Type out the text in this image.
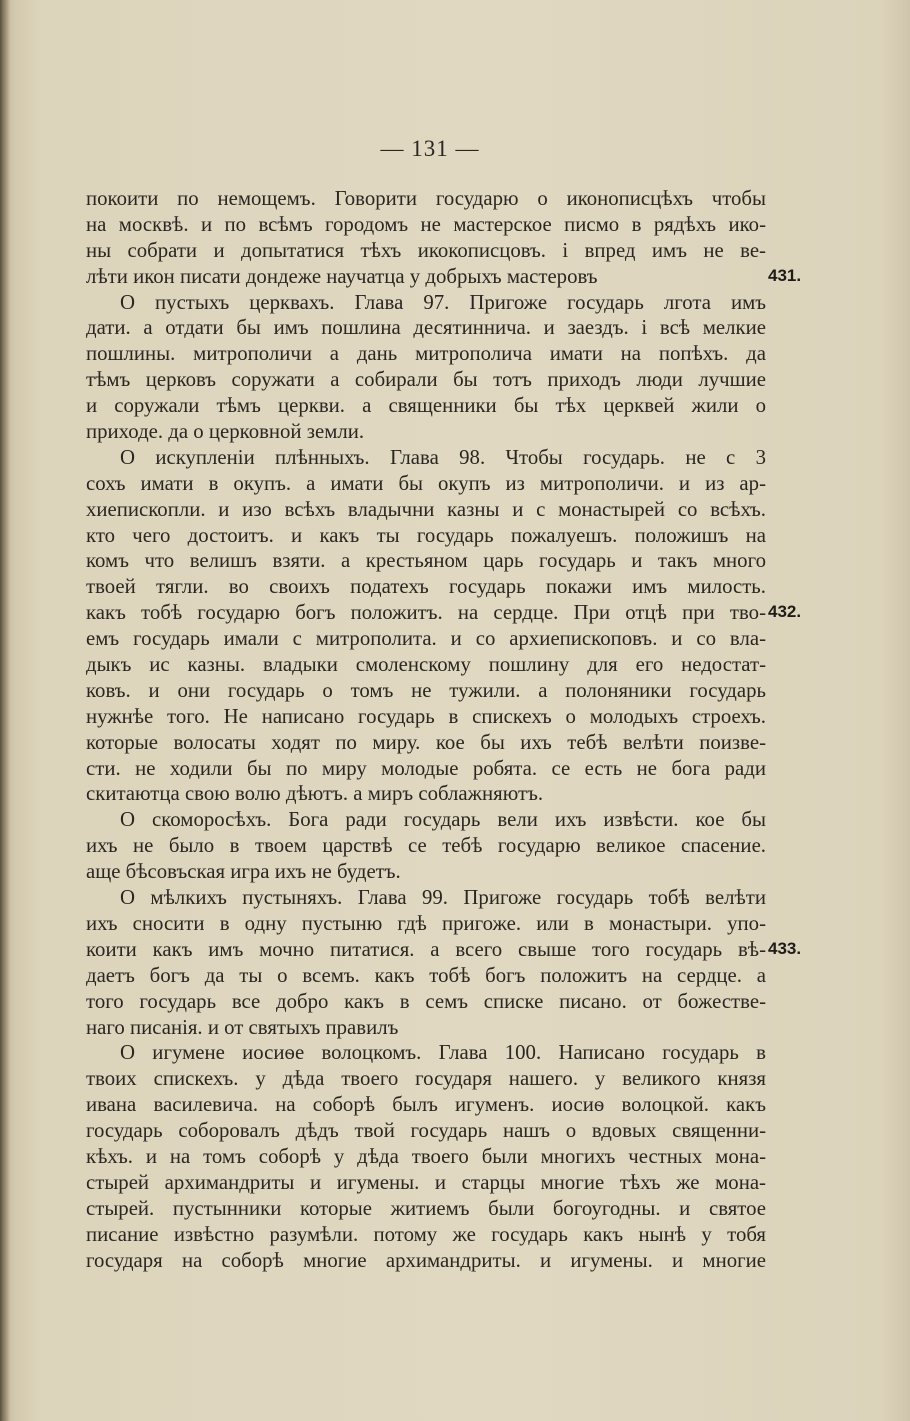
— 131 —
покоити по немощемъ. Говорити государю о иконописцѣхъ чтобы
на москвѣ. и по всѣмъ городомъ не мастерское писмо в рядѣхъ ико-
ны собрати и допытатися тѣхъ икокописцовъ. і впред имъ не ве-
лѣти икон писати дондеже научатца у добрыхъ мастеровъ
О пустыхъ церквахъ. Глава 97. Пригоже государь лгота имъ
дати. а отдати бы имъ пошлина десятиннича. и заездъ. і всѣ мелкие
пошлины. митрополичи а дань митрополича имати на попѣхъ. да
тѣмъ церковъ соружати а собирали бы тотъ приходъ люди лучшие
и соружали тѣмъ церкви. а священники бы тѣх церквей жили о
приходе. да о церковной земли.
О искупленіи плѣнныхъ. Глава 98. Чтобы государь. не с 3
сохъ имати в окупъ. а имати бы окупъ из митрополичи. и из ар-
хиепископли. и изо всѣхъ владычни казны и с монастырей со всѣхъ.
кто чего достоитъ. и какъ ты государь пожалуешъ. положишъ на
комъ что велишъ взяти. а крестьяном царь государь и такъ много
твоей тягли. во своихъ податехъ государь покажи имъ милость.
какъ тобѣ государю богъ положитъ. на сердце. При отцѣ при тво-
емъ государь имали с митрополита. и со архиепископовъ. и со вла-
дыкъ ис казны. владыки смоленскому пошлину для его недостат-
ковъ. и они государь о томъ не тужили. а полоняники государь
нужнѣе того. Не написано государь в спискехъ о молодыхъ строехъ.
которые волосаты ходят по миру. кое бы ихъ тебѣ велѣти поизве-
сти. не ходили бы по миру молодые робята. се есть не бога ради
скитаютца свою волю дѣютъ. а миръ соблажняютъ.
О скоморосѣхъ. Бога ради государь вели ихъ извѣсти. кое бы
ихъ не было в твоем царствѣ се тебѣ государю великое спасение.
аще бѣсовъская игра ихъ не будетъ.
О мѣлкихъ пустыняхъ. Глава 99. Пригоже государь тобѣ велѣти
ихъ сносити в одну пустыню гдѣ пригоже. или в монастыри. упо-
коити какъ имъ мочно питатися. а всего свыше того государь вѣ-
даетъ богъ да ты о всемъ. какъ тобѣ богъ положитъ на сердце. а
того государь все добро какъ в семъ списке писано. от божестве-
наго писанія. и от святыхъ правилъ
О игумене иосиѳе волоцкомъ. Глава 100. Написано государь в
твоих спискехъ. у дѣда твоего государя нашего. у великого князя
ивана василевича. на соборѣ былъ игуменъ. иосиѳ волоцкой. какъ
государь соборовалъ дѣдъ твой государь нашъ о вдовых священни-
кѣхъ. и на томъ соборѣ у дѣда твоего были многихъ честных мона-
стырей архимандриты и игумены. и старцы многие тѣхъ же мона-
стырей. пустынники которые житиемъ были богоугодны. и святое
писание извѣстно разумѣли. потому же государь какъ нынѣ у тобя
государя на соборѣ многие архимандриты. и игумены. и многие
431.
432.
433.
